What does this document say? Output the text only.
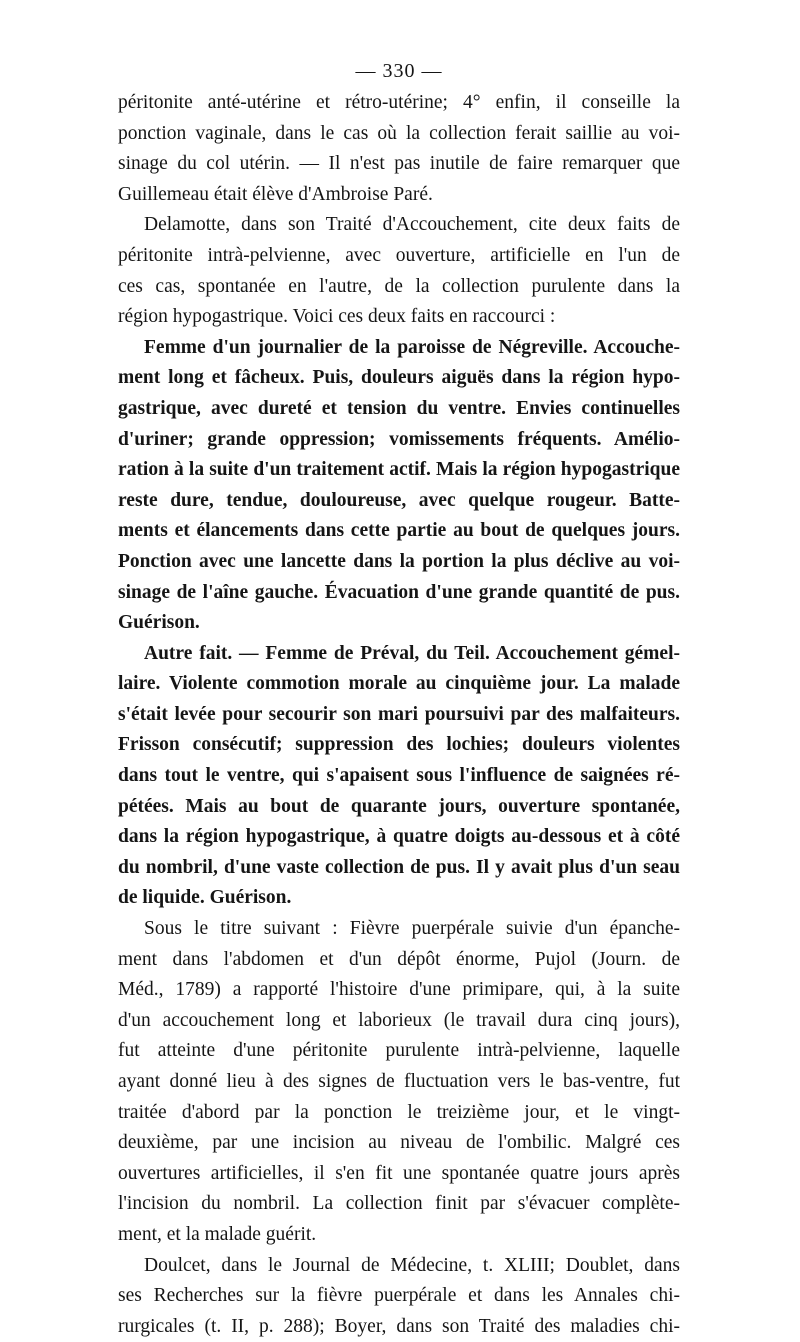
— 330 —
péritonite anté-utérine et rétro-utérine; 4° enfin, il conseille la
ponction vaginale, dans le cas où la collection ferait saillie au voi-
sinage du col utérin. — Il n'est pas inutile de faire remarquer que
Guillemeau était élève d'Ambroise Paré.
Delamotte, dans son Traité d'Accouchement, cite deux faits de
péritonite intrà-pelvienne, avec ouverture, artificielle en l'un de
ces cas, spontanée en l'autre, de la collection purulente dans la
région hypogastrique. Voici ces deux faits en raccourci :
Femme d'un journalier de la paroisse de Négreville. Accouche-
ment long et fâcheux. Puis, douleurs aiguës dans la région hypo-
gastrique, avec dureté et tension du ventre. Envies continuelles
d'uriner; grande oppression; vomissements fréquents. Amélio-
ration à la suite d'un traitement actif. Mais la région hypogastrique
reste dure, tendue, douloureuse, avec quelque rougeur. Batte-
ments et élancements dans cette partie au bout de quelques jours.
Ponction avec une lancette dans la portion la plus déclive au voi-
sinage de l'aîne gauche. Évacuation d'une grande quantité de pus.
Guérison.
Autre fait. — Femme de Préval, du Teil. Accouchement gémel-
laire. Violente commotion morale au cinquième jour. La malade
s'était levée pour secourir son mari poursuivi par des malfaiteurs.
Frisson consécutif; suppression des lochies; douleurs violentes
dans tout le ventre, qui s'apaisent sous l'influence de saignées ré-
pétées. Mais au bout de quarante jours, ouverture spontanée,
dans la région hypogastrique, à quatre doigts au-dessous et à côté
du nombril, d'une vaste collection de pus. Il y avait plus d'un seau
de liquide. Guérison.
Sous le titre suivant : Fièvre puerpérale suivie d'un épanche-
ment dans l'abdomen et d'un dépôt énorme, Pujol (Journ. de
Méd., 1789) a rapporté l'histoire d'une primipare, qui, à la suite
d'un accouchement long et laborieux (le travail dura cinq jours),
fut atteinte d'une péritonite purulente intrà-pelvienne, laquelle
ayant donné lieu à des signes de fluctuation vers le bas-ventre, fut
traitée d'abord par la ponction le treizième jour, et le vingt-
deuxième, par une incision au niveau de l'ombilic. Malgré ces
ouvertures artificielles, il s'en fit une spontanée quatre jours après
l'incision du nombril. La collection finit par s'évacuer complète-
ment, et la malade guérit.
Doulcet, dans le Journal de Médecine, t. XLIII; Doublet, dans
ses Recherches sur la fièvre puerpérale et dans les Annales chi-
rurgicales (t. II, p. 288); Boyer, dans son Traité des maladies chi-
